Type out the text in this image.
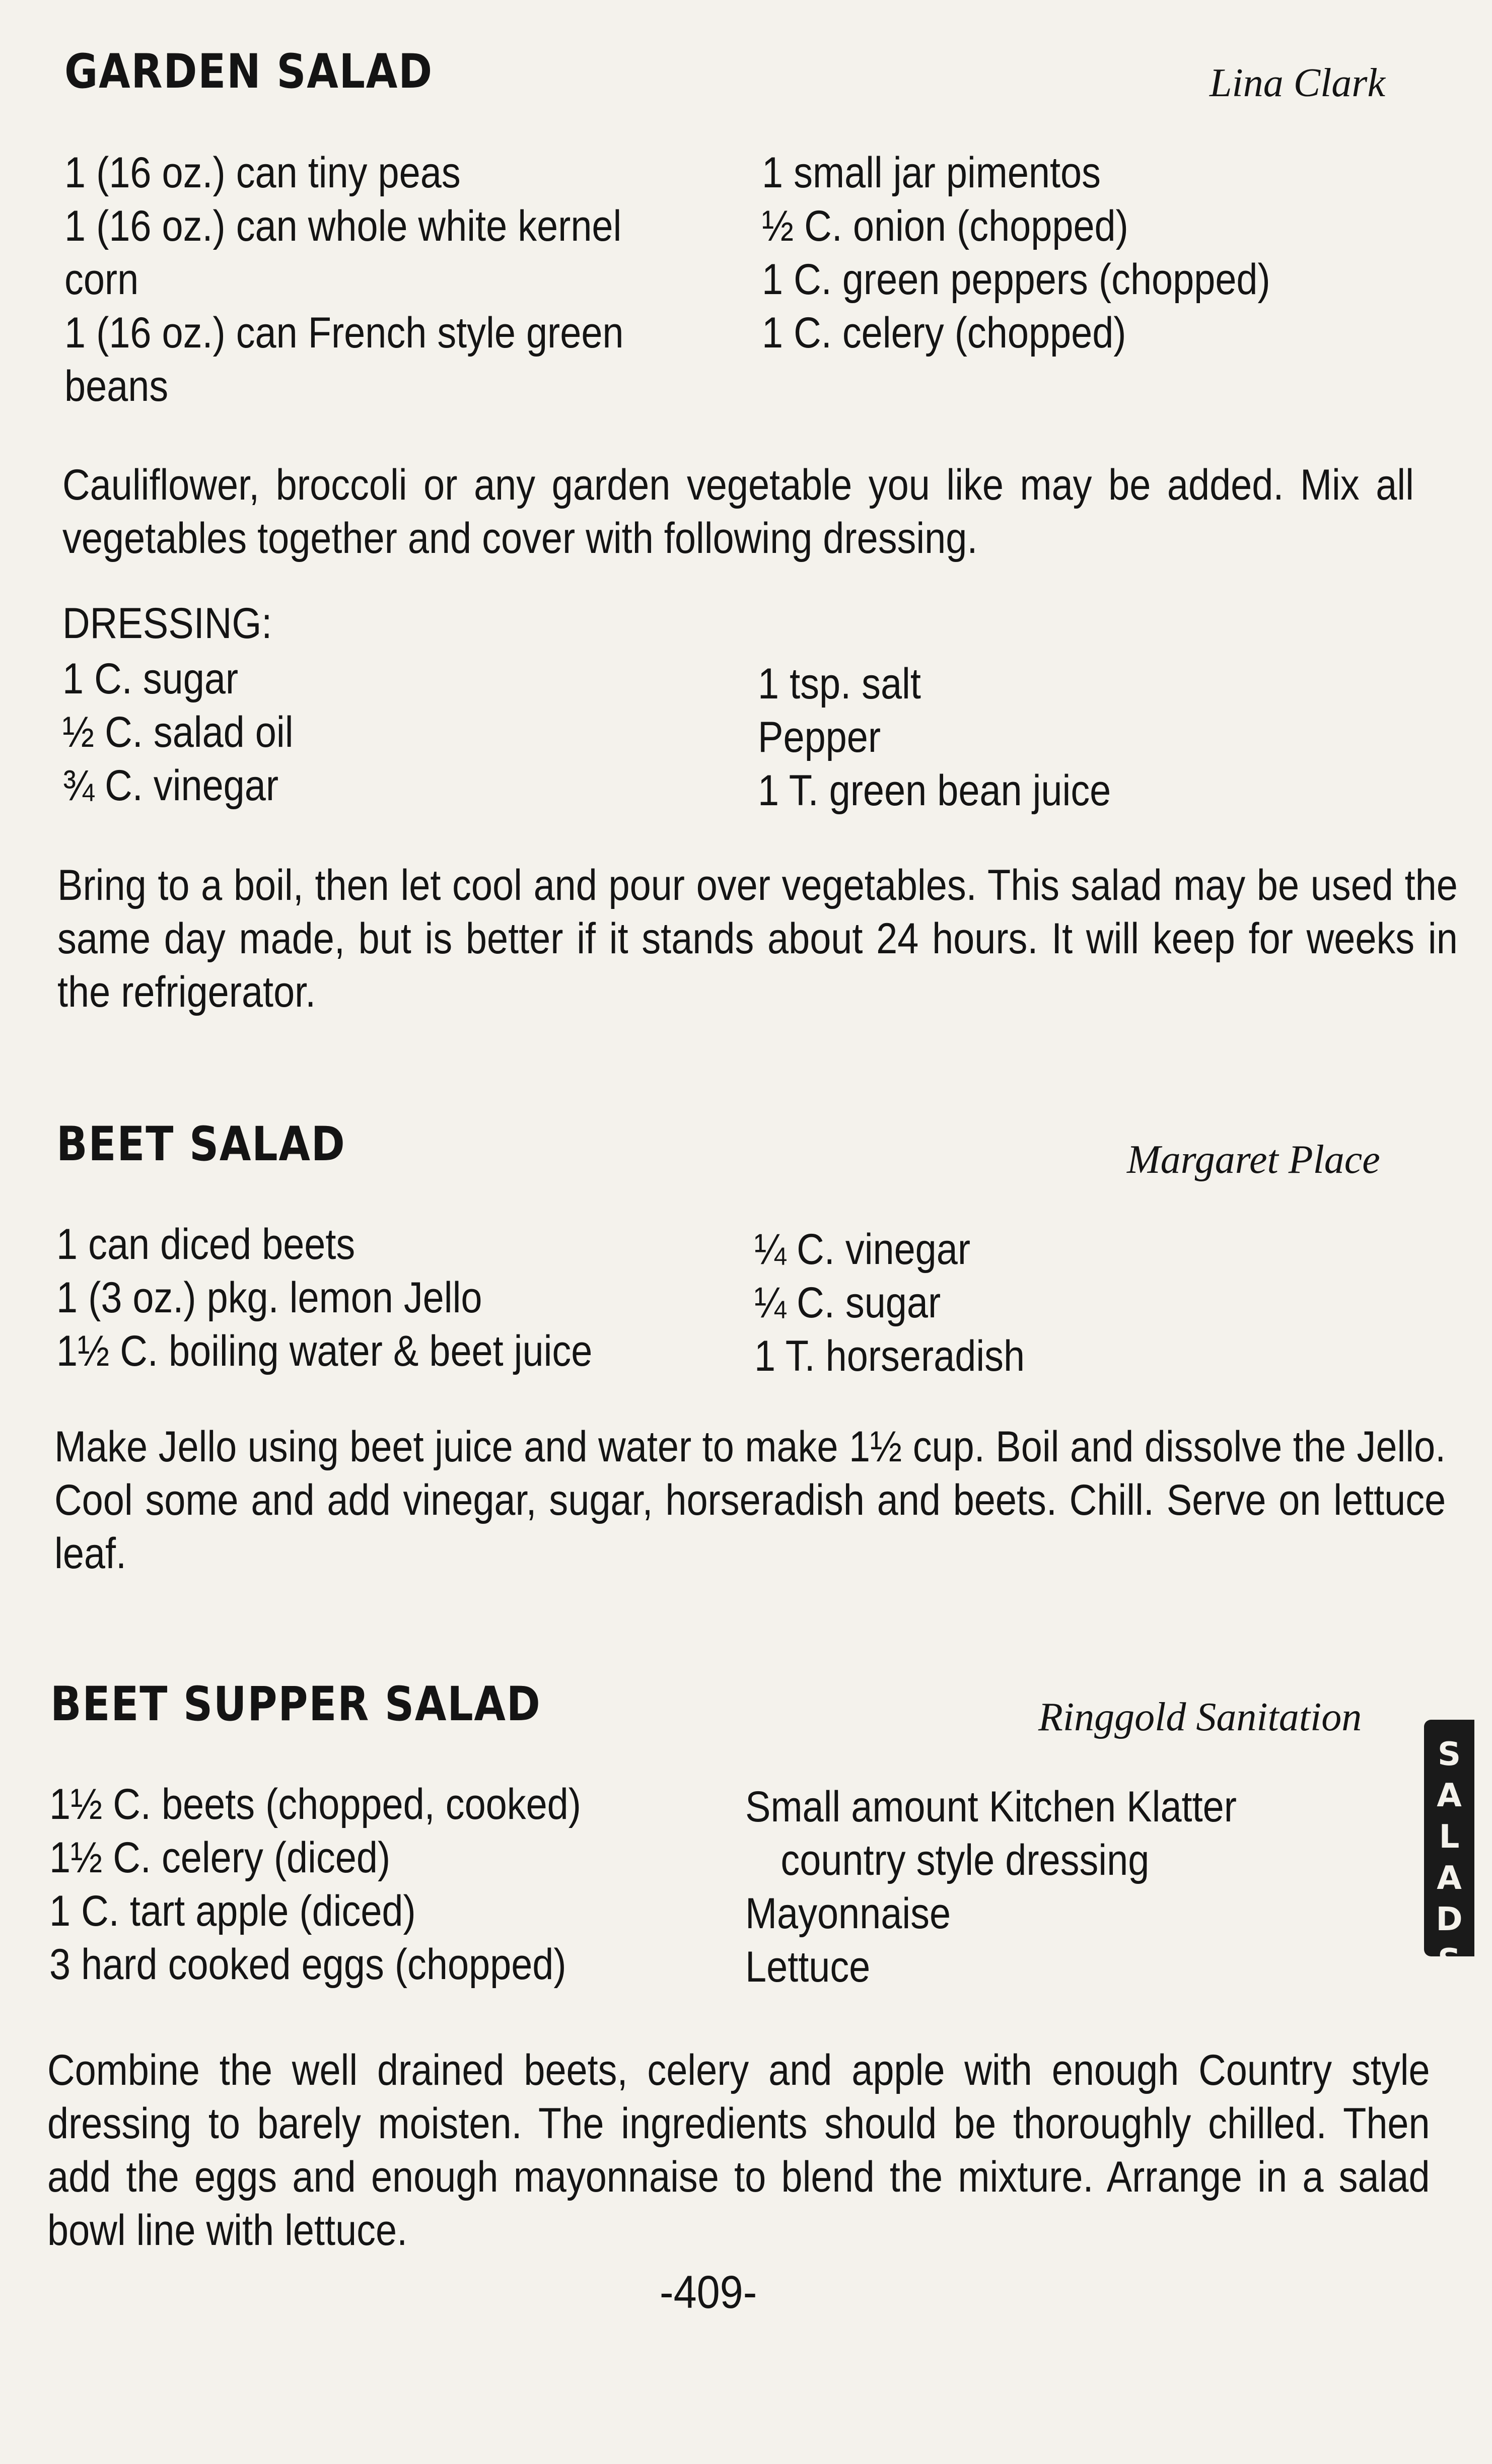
GARDEN SALAD	Lina Clark
1 (16 oz.) can tiny peas
1 (16 oz.) can whole white kernel corn
1 (16 oz.) can French style green beans
1 small jar pimentos
½ C. onion (chopped)
1 C. green peppers (chopped)
1 C. celery (chopped)

Cauliflower, broccoli or any garden vegetable you like may be added. Mix all vegetables together and cover with following dressing.

DRESSING:
1 C. sugar
½ C. salad oil
¾ C. vinegar
1 tsp. salt
Pepper
1 T. green bean juice

Bring to a boil, then let cool and pour over vegetables. This salad may be used the same day made, but is better if it stands about 24 hours. It will keep for weeks in the refrigerator.

BEET SALAD	Margaret Place
1 can diced beets
1 (3 oz.) pkg. lemon Jello
1½ C. boiling water & beet juice
¼ C. vinegar
¼ C. sugar
1 T. horseradish

Make Jello using beet juice and water to make 1½ cup. Boil and dissolve the Jello. Cool some and add vinegar, sugar, horseradish and beets. Chill. Serve on lettuce leaf.

BEET SUPPER SALAD	Ringgold Sanitation
1½ C. beets (chopped, cooked)
1½ C. celery (diced)
1 C. tart apple (diced)
3 hard cooked eggs (chopped)
Small amount Kitchen Klatter
country style dressing
Mayonnaise
Lettuce

Combine the well drained beets, celery and apple with enough Country style dressing to barely moisten. The ingredients should be thoroughly chilled. Then add the eggs and enough mayonnaise to blend the mixture. Arrange in a salad bowl line with lettuce.

-409-
S
A
L
A
D
S
